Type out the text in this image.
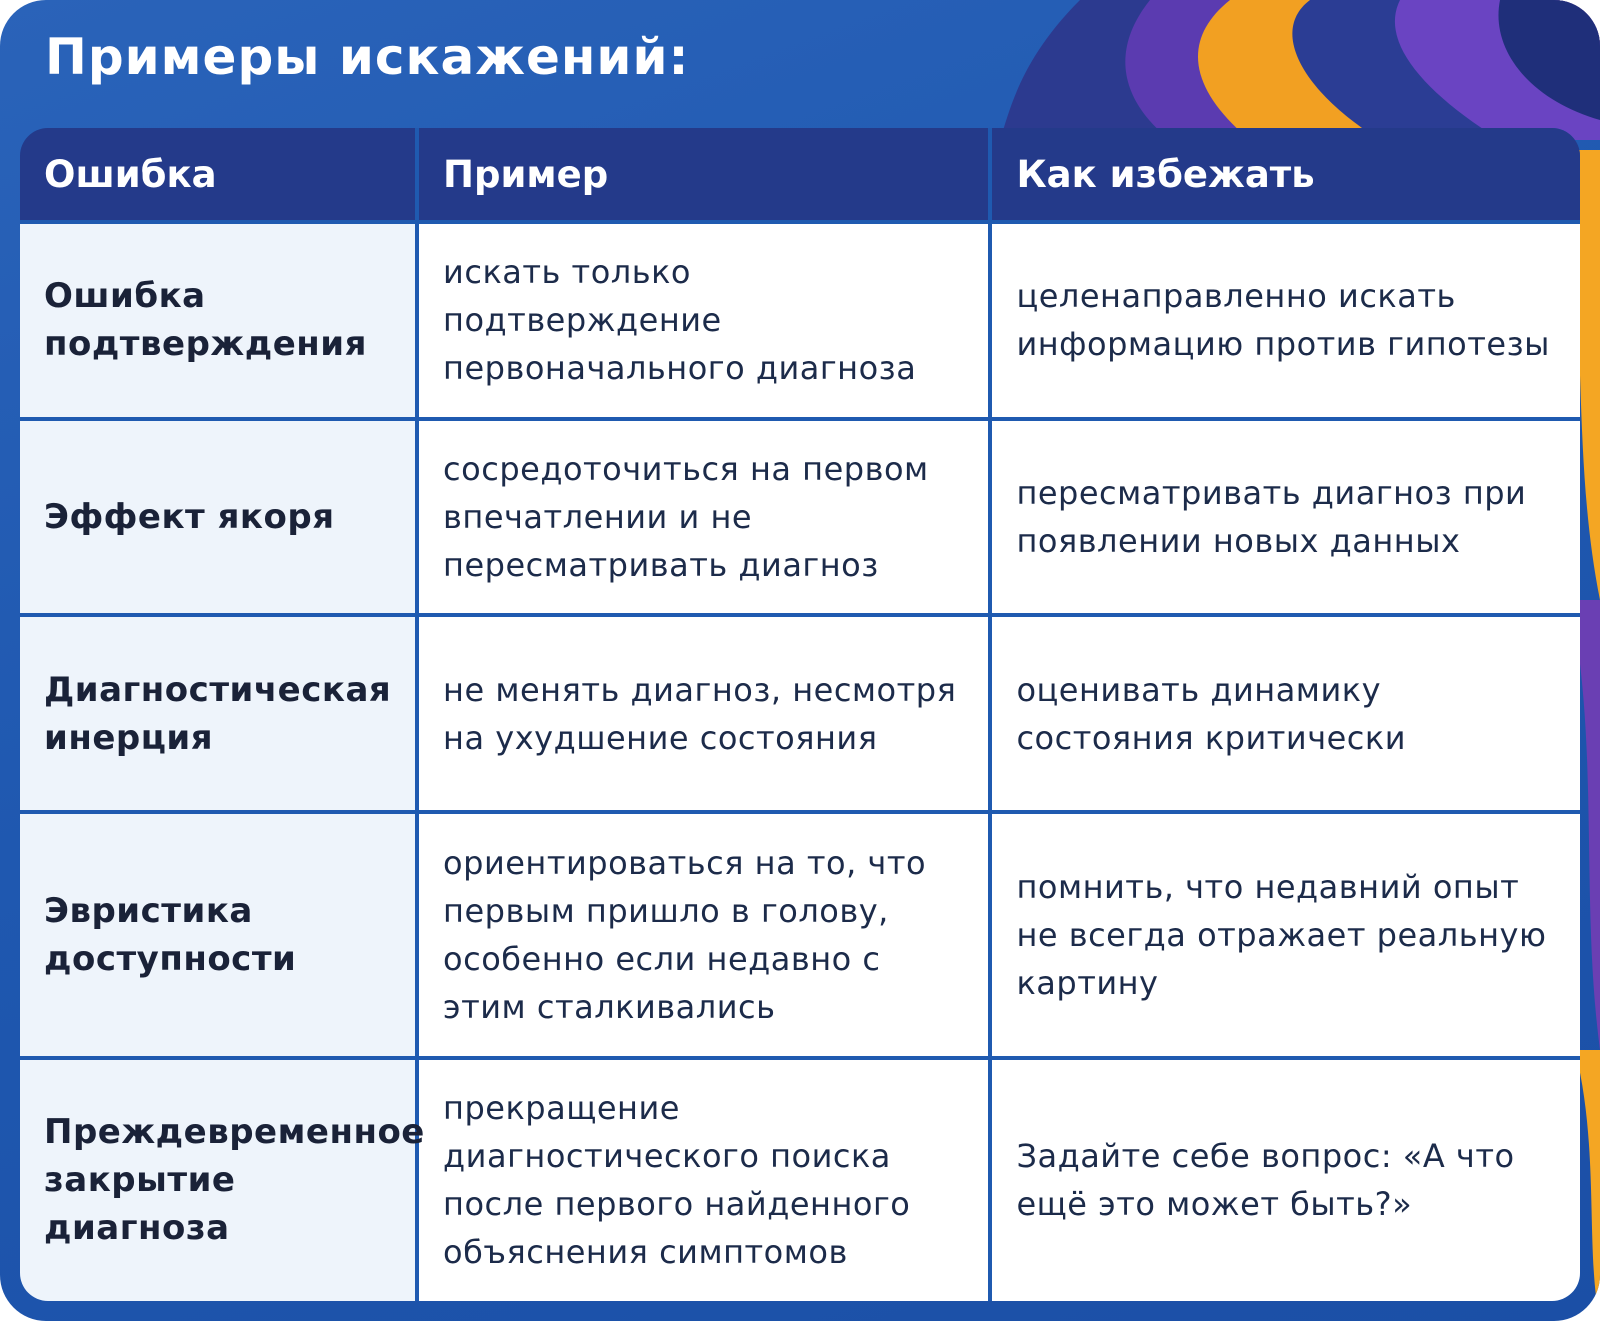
Примеры искажений:
Ошибка	Пример	Как избежать
Ошибка подтверждения	искать только подтверждение первоначального диагноза	целенаправленно искать информацию против гипотезы
Эффект якоря	сосредоточиться на первом впечатлении и не пересматривать диагноз	пересматривать диагноз при появлении новых данных
Диагностическая инерция	не менять диагноз, несмотря на ухудшение состояния	оценивать динамику состояния критически
Эвристика доступности	ориентироваться на то, что первым пришло в голову, особенно если недавно с этим сталкивались	помнить, что недавний опыт не всегда отражает реальную картину
Преждевременное закрытие диагноза	прекращение диагностического поиска после первого найденного объяснения симптомов	Задайте себе вопрос: «А что ещё это может быть?»
